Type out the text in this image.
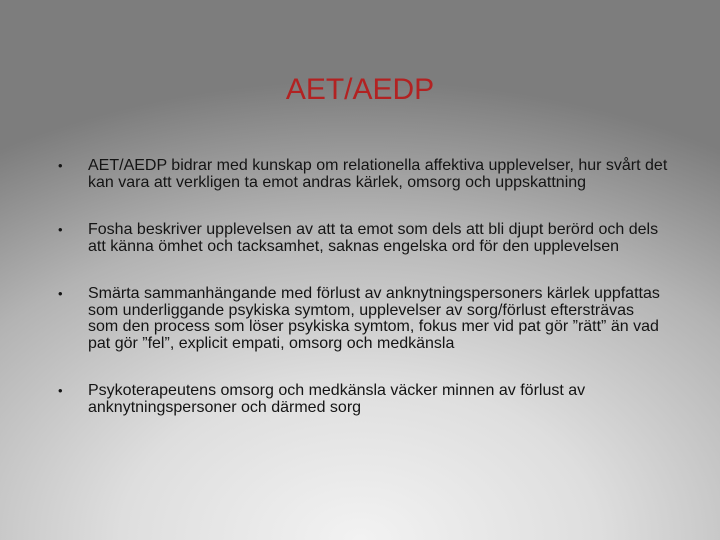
AET/AEDP
•	AET/AEDP bidrar med kunskap om relationella affektiva upplevelser, hur svårt det kan vara att verkligen ta emot andras kärlek, omsorg och uppskattning
•	Fosha beskriver upplevelsen av att ta emot som dels att bli djupt berörd och dels att känna ömhet och tacksamhet, saknas engelska ord för den upplevelsen
•	Smärta sammanhängande med förlust av anknytningspersoners kärlek uppfattas som underliggande psykiska symtom, upplevelser av sorg/förlust eftersträvas som den process som löser psykiska symtom, fokus mer vid pat gör ”rätt” än vad pat gör ”fel”, explicit empati, omsorg och medkänsla
•	Psykoterapeutens omsorg och medkänsla väcker minnen av förlust av anknytningspersoner och därmed sorg
